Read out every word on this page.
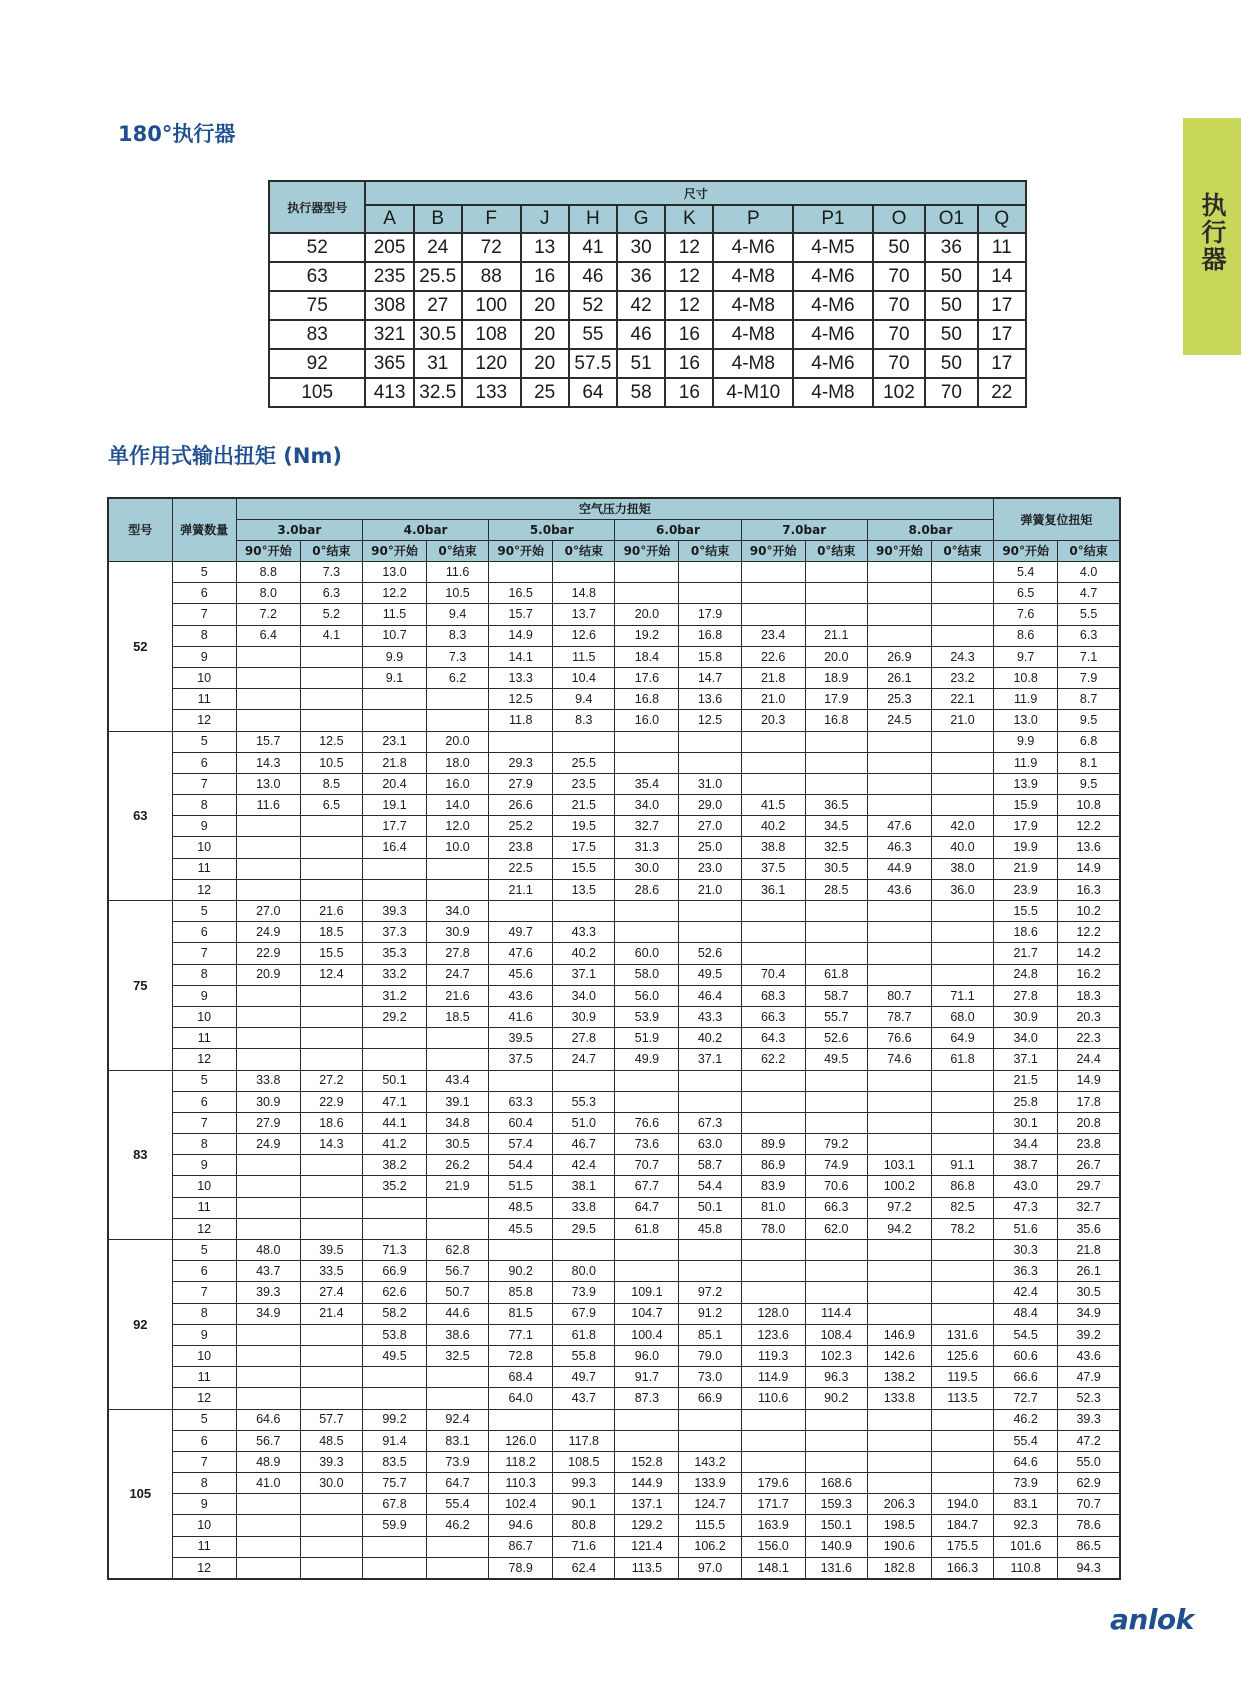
180°执行器
执行器型号	尺寸											
	A	B	F	J	H	G	K	P	P1	O	O1	Q
52	205	24	72	13	41	30	12	4-M6	4-M5	50	36	11
63	235	25.5	88	16	46	36	12	4-M8	4-M6	70	50	14
75	308	27	100	20	52	42	12	4-M8	4-M6	70	50	17
83	321	30.5	108	20	55	46	16	4-M8	4-M6	70	50	17
92	365	31	120	20	57.5	51	16	4-M8	4-M6	70	50	17
105	413	32.5	133	25	64	58	16	4-M10	4-M8	102	70	22
单作用式输出扭矩 (Nm)
型号	弹簧数量	空气压力扭矩												弹簧复位扭矩	
		3.0bar		4.0bar		5.0bar		6.0bar		7.0bar		8.0bar			
		90°开始	0°结束	90°开始	0°结束	90°开始	0°结束	90°开始	0°结束	90°开始	0°结束	90°开始	0°结束	90°开始	0°结束
52	5	8.8	7.3	13.0	11.6									5.4	4.0
	6	8.0	6.3	12.2	10.5	16.5	14.8							6.5	4.7
	7	7.2	5.2	11.5	9.4	15.7	13.7	20.0	17.9					7.6	5.5
	8	6.4	4.1	10.7	8.3	14.9	12.6	19.2	16.8	23.4	21.1			8.6	6.3
	9			9.9	7.3	14.1	11.5	18.4	15.8	22.6	20.0	26.9	24.3	9.7	7.1
	10			9.1	6.2	13.3	10.4	17.6	14.7	21.8	18.9	26.1	23.2	10.8	7.9
	11					12.5	9.4	16.8	13.6	21.0	17.9	25.3	22.1	11.9	8.7
	12					11.8	8.3	16.0	12.5	20.3	16.8	24.5	21.0	13.0	9.5
63	5	15.7	12.5	23.1	20.0									9.9	6.8
	6	14.3	10.5	21.8	18.0	29.3	25.5							11.9	8.1
	7	13.0	8.5	20.4	16.0	27.9	23.5	35.4	31.0					13.9	9.5
	8	11.6	6.5	19.1	14.0	26.6	21.5	34.0	29.0	41.5	36.5			15.9	10.8
	9			17.7	12.0	25.2	19.5	32.7	27.0	40.2	34.5	47.6	42.0	17.9	12.2
	10			16.4	10.0	23.8	17.5	31.3	25.0	38.8	32.5	46.3	40.0	19.9	13.6
	11					22.5	15.5	30.0	23.0	37.5	30.5	44.9	38.0	21.9	14.9
	12					21.1	13.5	28.6	21.0	36.1	28.5	43.6	36.0	23.9	16.3
75	5	27.0	21.6	39.3	34.0									15.5	10.2
	6	24.9	18.5	37.3	30.9	49.7	43.3							18.6	12.2
	7	22.9	15.5	35.3	27.8	47.6	40.2	60.0	52.6					21.7	14.2
	8	20.9	12.4	33.2	24.7	45.6	37.1	58.0	49.5	70.4	61.8			24.8	16.2
	9			31.2	21.6	43.6	34.0	56.0	46.4	68.3	58.7	80.7	71.1	27.8	18.3
	10			29.2	18.5	41.6	30.9	53.9	43.3	66.3	55.7	78.7	68.0	30.9	20.3
	11					39.5	27.8	51.9	40.2	64.3	52.6	76.6	64.9	34.0	22.3
	12					37.5	24.7	49.9	37.1	62.2	49.5	74.6	61.8	37.1	24.4
83	5	33.8	27.2	50.1	43.4									21.5	14.9
	6	30.9	22.9	47.1	39.1	63.3	55.3							25.8	17.8
	7	27.9	18.6	44.1	34.8	60.4	51.0	76.6	67.3					30.1	20.8
	8	24.9	14.3	41.2	30.5	57.4	46.7	73.6	63.0	89.9	79.2			34.4	23.8
	9			38.2	26.2	54.4	42.4	70.7	58.7	86.9	74.9	103.1	91.1	38.7	26.7
	10			35.2	21.9	51.5	38.1	67.7	54.4	83.9	70.6	100.2	86.8	43.0	29.7
	11					48.5	33.8	64.7	50.1	81.0	66.3	97.2	82.5	47.3	32.7
	12					45.5	29.5	61.8	45.8	78.0	62.0	94.2	78.2	51.6	35.6
92	5	48.0	39.5	71.3	62.8									30.3	21.8
	6	43.7	33.5	66.9	56.7	90.2	80.0							36.3	26.1
	7	39.3	27.4	62.6	50.7	85.8	73.9	109.1	97.2					42.4	30.5
	8	34.9	21.4	58.2	44.6	81.5	67.9	104.7	91.2	128.0	114.4			48.4	34.9
	9			53.8	38.6	77.1	61.8	100.4	85.1	123.6	108.4	146.9	131.6	54.5	39.2
	10			49.5	32.5	72.8	55.8	96.0	79.0	119.3	102.3	142.6	125.6	60.6	43.6
	11					68.4	49.7	91.7	73.0	114.9	96.3	138.2	119.5	66.6	47.9
	12					64.0	43.7	87.3	66.9	110.6	90.2	133.8	113.5	72.7	52.3
105	5	64.6	57.7	99.2	92.4									46.2	39.3
	6	56.7	48.5	91.4	83.1	126.0	117.8							55.4	47.2
	7	48.9	39.3	83.5	73.9	118.2	108.5	152.8	143.2					64.6	55.0
	8	41.0	30.0	75.7	64.7	110.3	99.3	144.9	133.9	179.6	168.6			73.9	62.9
	9			67.8	55.4	102.4	90.1	137.1	124.7	171.7	159.3	206.3	194.0	83.1	70.7
	10			59.9	46.2	94.6	80.8	129.2	115.5	163.9	150.1	198.5	184.7	92.3	78.6
	11					86.7	71.6	121.4	106.2	156.0	140.9	190.6	175.5	101.6	86.5
	12					78.9	62.4	113.5	97.0	148.1	131.6	182.8	166.3	110.8	94.3
执行器
anlok
